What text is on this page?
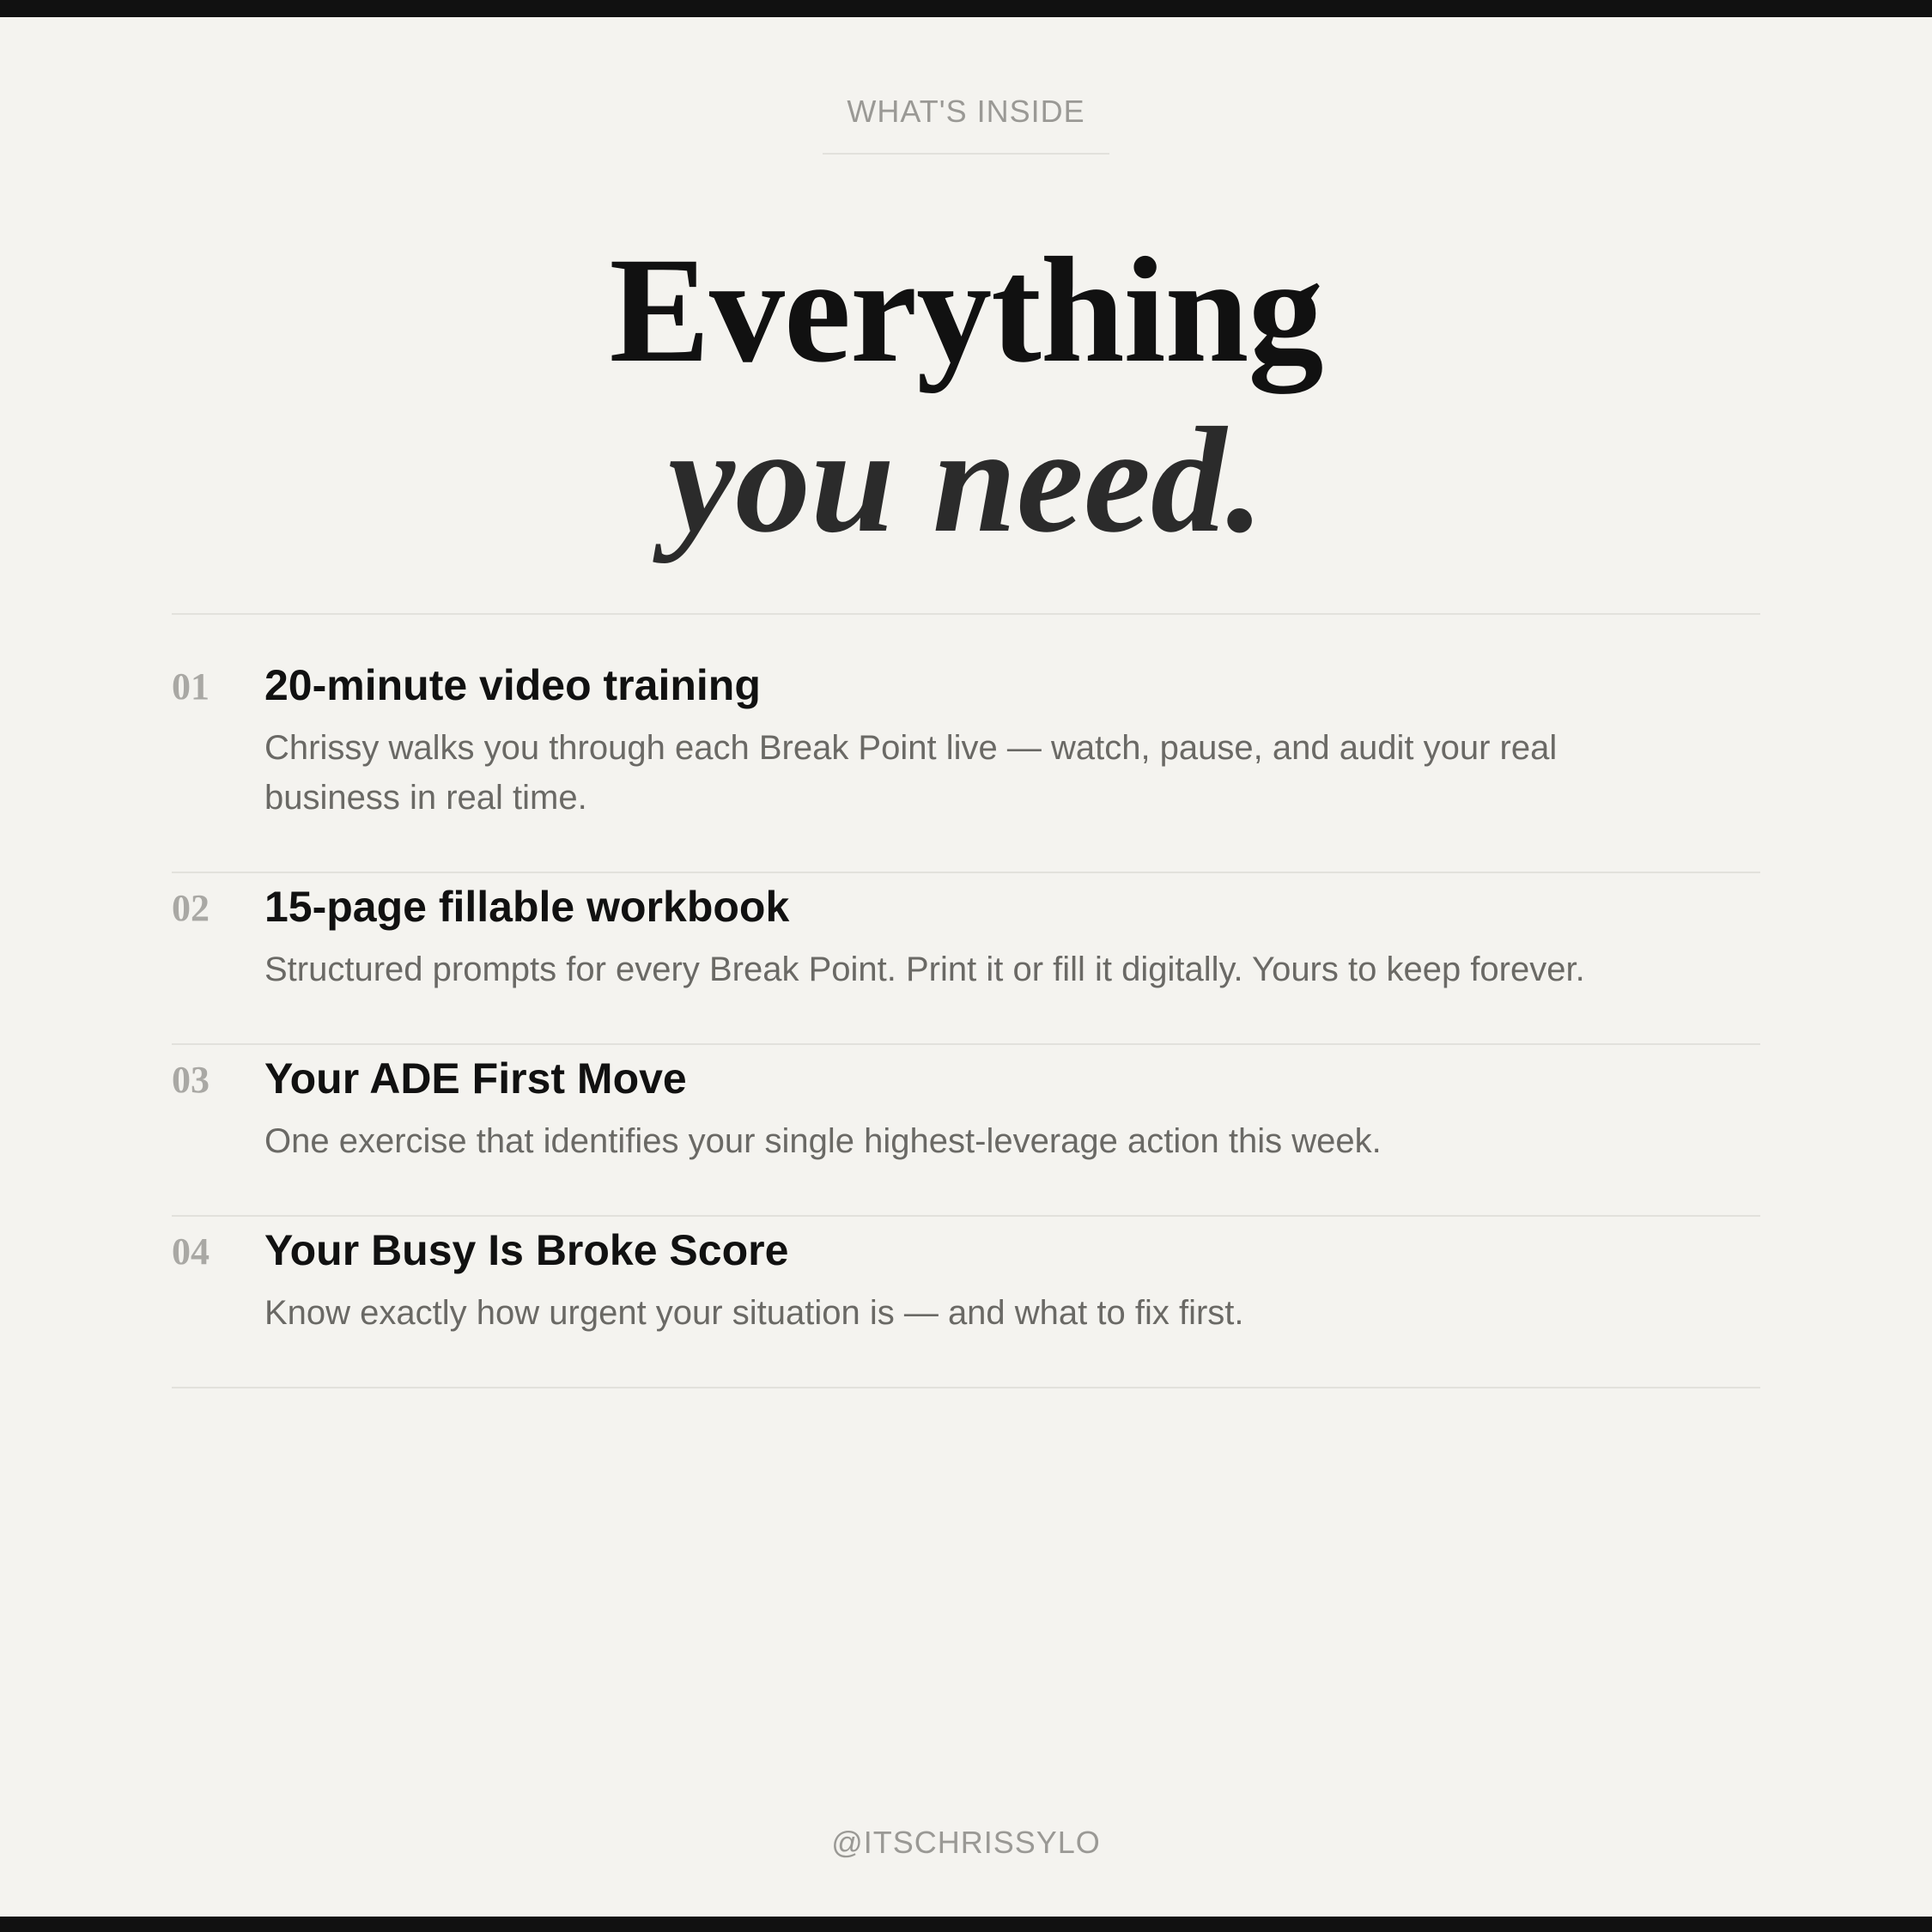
WHAT'S INSIDE
Everything
you need.
01 20-minute video training
Chrissy walks you through each Break Point live — watch, pause, and audit your real business in real time.
02 15-page fillable workbook
Structured prompts for every Break Point. Print it or fill it digitally. Yours to keep forever.
03 Your ADE First Move
One exercise that identifies your single highest-leverage action this week.
04 Your Busy Is Broke Score
Know exactly how urgent your situation is — and what to fix first.
@ITSCHRISSYLO
